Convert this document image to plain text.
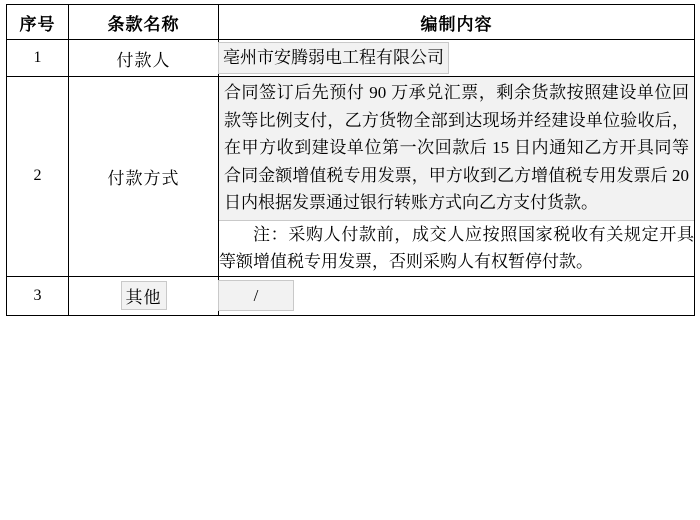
序号	条款名称	编制内容
1	付款人	亳州市安腾弱电工程有限公司
2	付款方式	合同签订后先预付 90 万承兑汇票，剩余货款按照建设单位回款等比例支付，乙方货物全部到达现场并经建设单位验收后，在甲方收到建设单位第一次回款后 15 日内通知乙方开具同等合同金额增值税专用发票，甲方收到乙方增值税专用发票后 20 日内根据发票通过银行转账方式向乙方支付货款。

注：采购人付款前，成交人应按照国家税收有关规定开具等额增值税专用发票，否则采购人有权暂停付款。

3	其他	/
